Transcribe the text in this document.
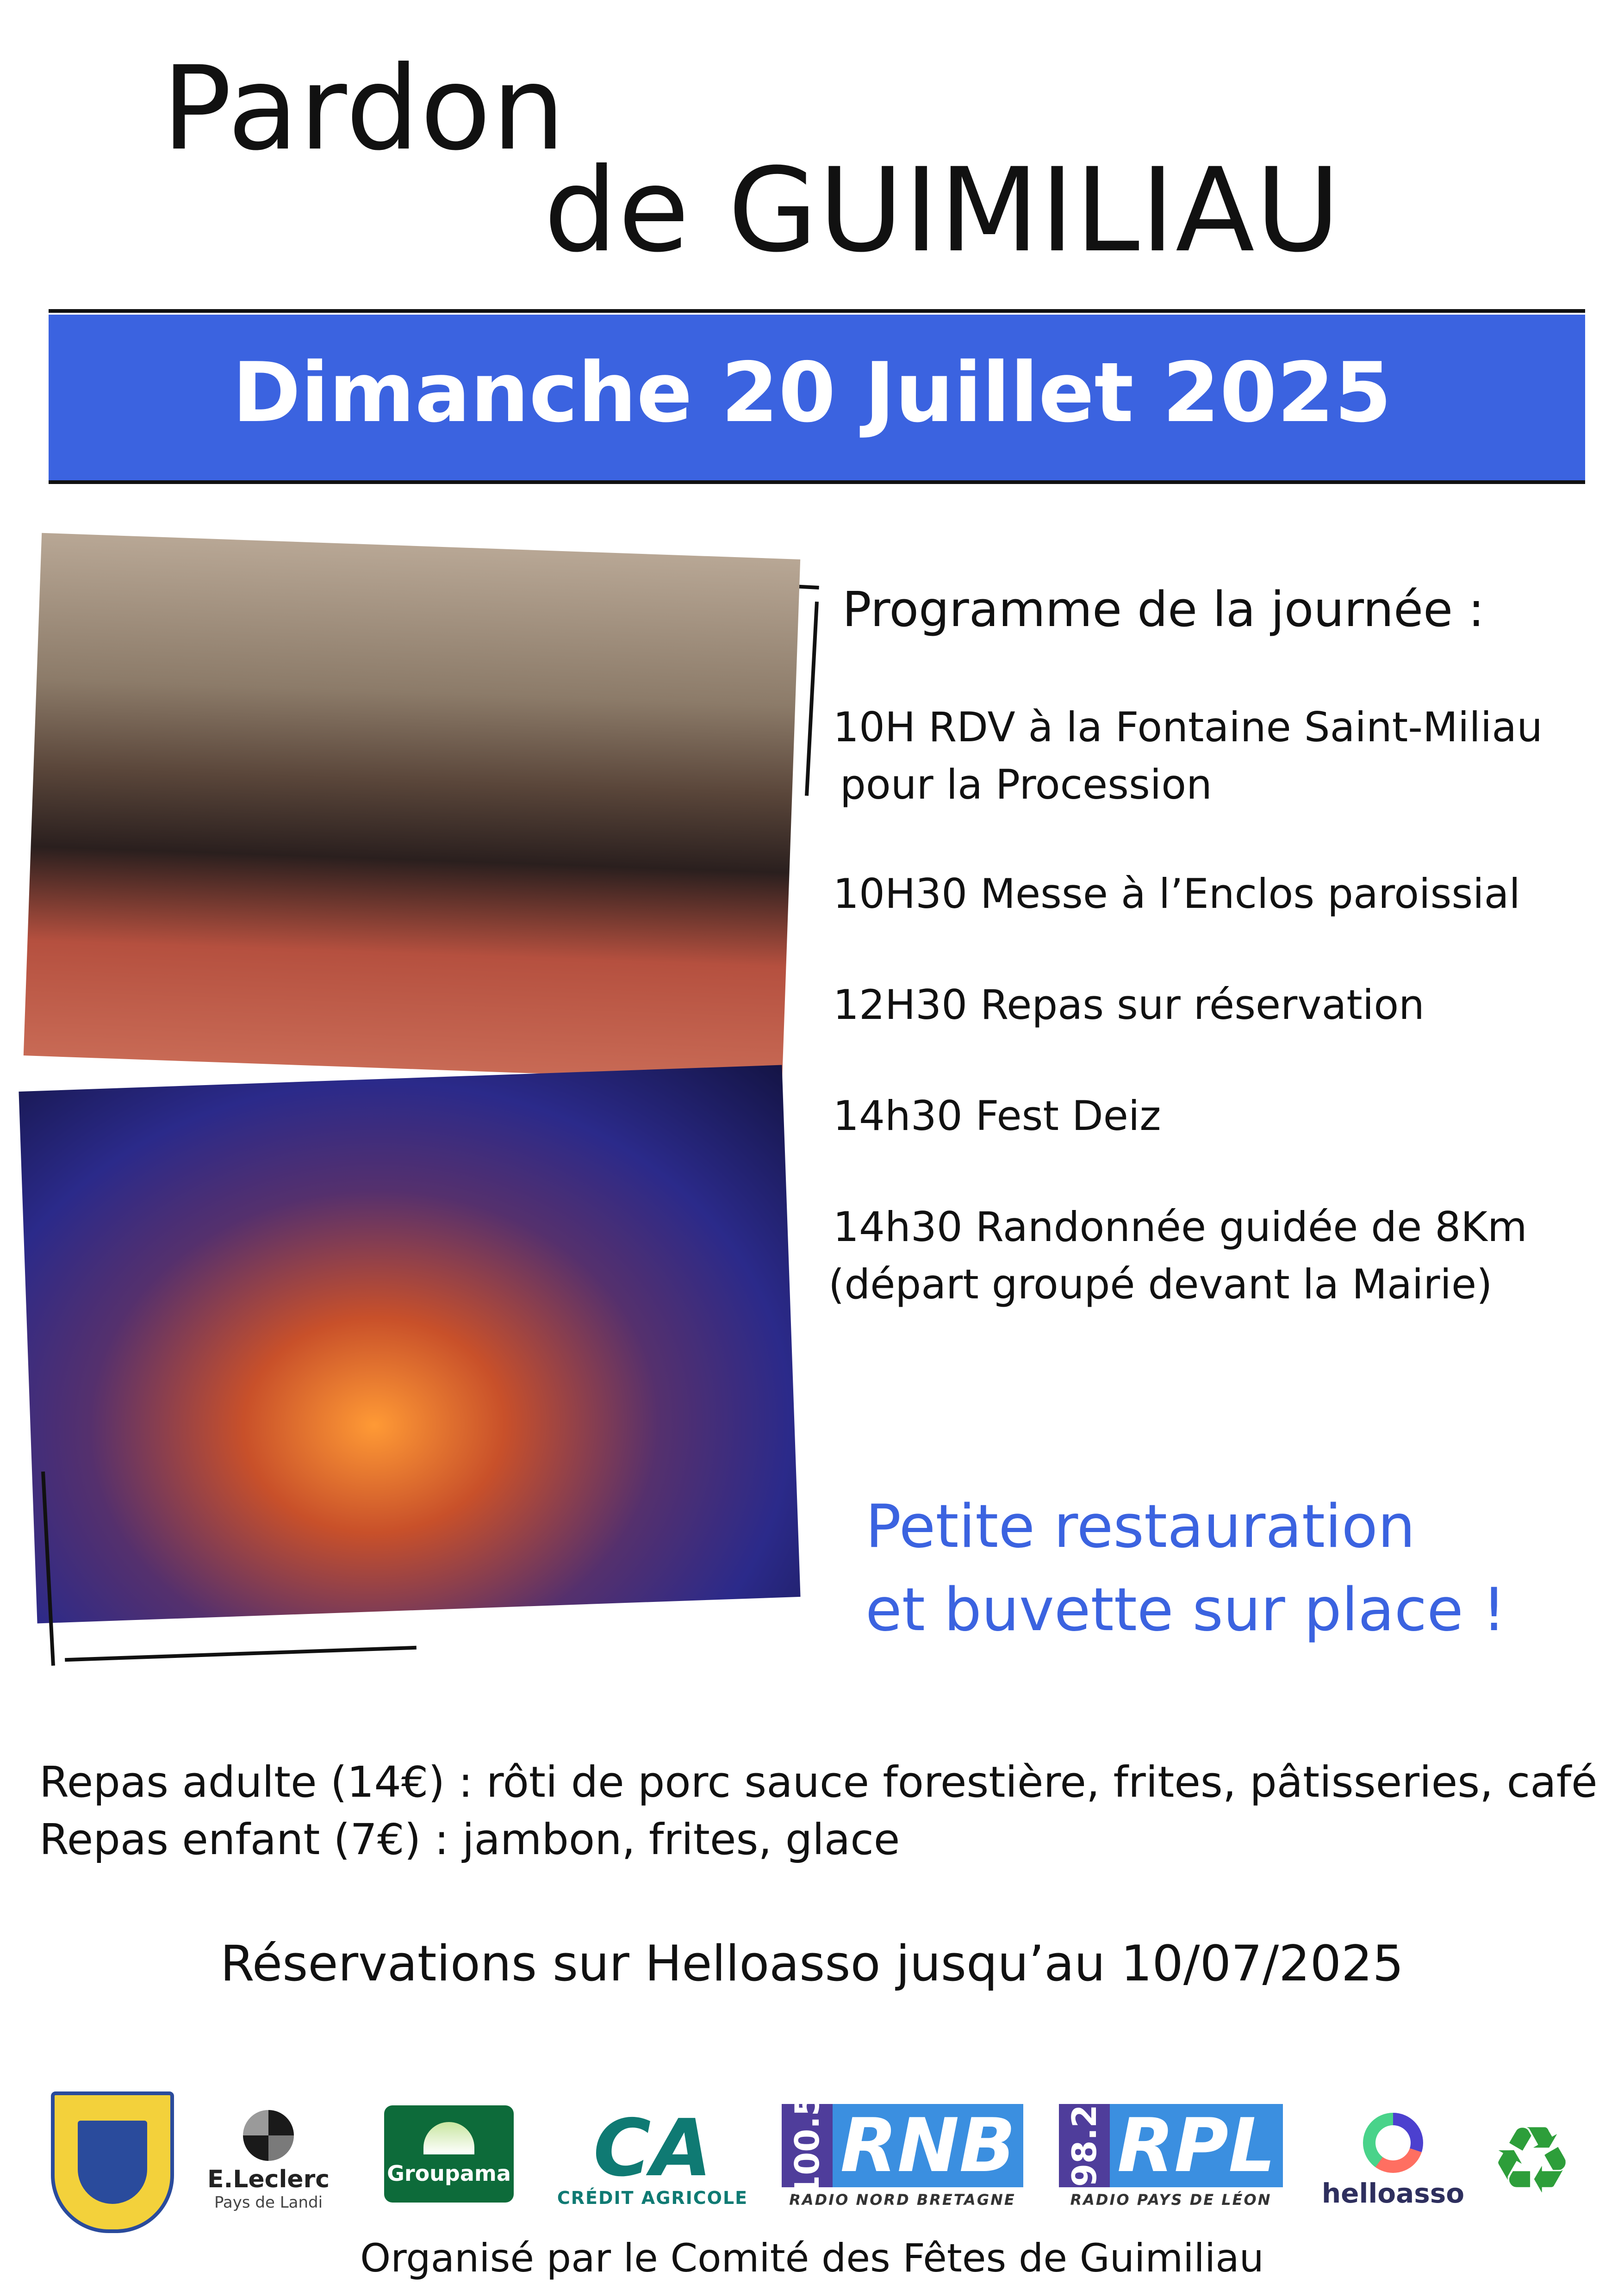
Pardon
de GUIMILIAU
Dimanche 20 Juillet 2025
Programme de la journée :
10H RDV à la Fontaine Saint-Miliau
pour la Procession
10H30 Messe à l’Enclos paroissial
12H30 Repas sur réservation
14h30 Fest Deiz
14h30 Randonnée guidée de 8Km
(départ groupé devant la Mairie)
Petite restauration
et buvette sur place !
Repas adulte (14€) : rôti de porc sauce forestière, frites, pâtisseries, café
Repas enfant (7€) : jambon, frites, glace
Réservations sur Helloasso jusqu’au 10/07/2025
E.Leclerc
Pays de Landi
Groupama CA
CRÉDIT AGRICOLE 100.5 RNB
RADIO NORD BRETAGNE
98.2 RPL
RADIO PAYS DE LÉON helloasso ♻
Organisé par le Comité des Fêtes de Guimiliau
